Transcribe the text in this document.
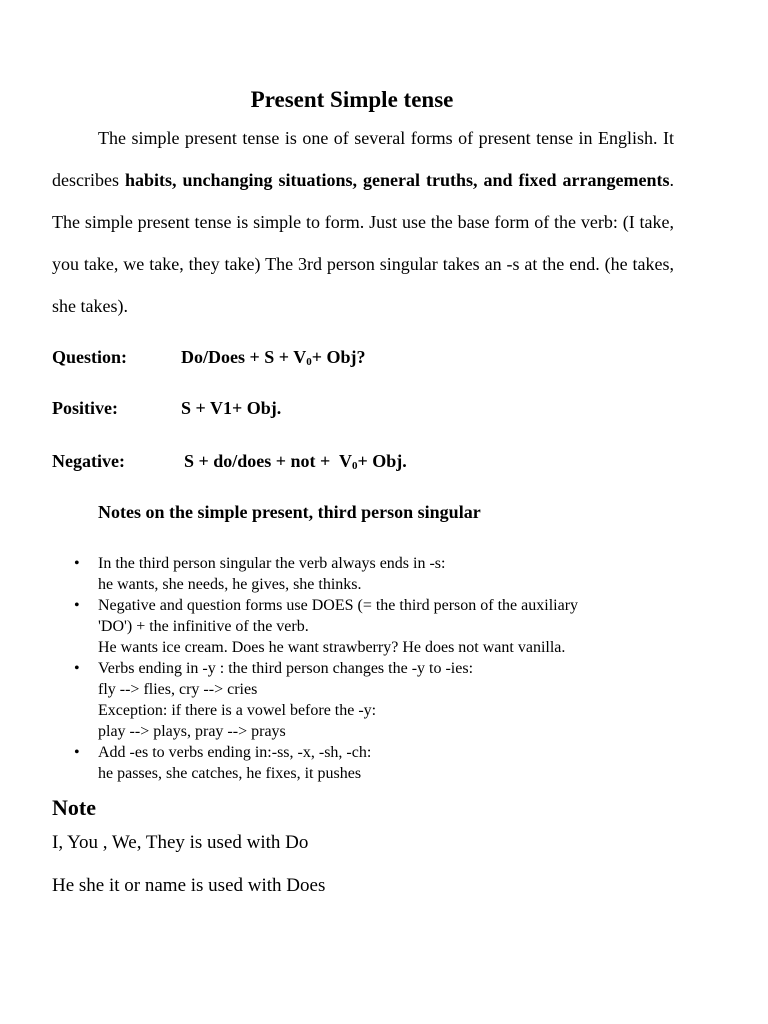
Present Simple tense

The simple present tense is one of several forms of present tense in English. It describes habits, unchanging situations, general truths, and fixed arrangements. The simple present tense is simple to form. Just use the base form of the verb: (I take, you take, we take, they take) The 3rd person singular takes an -s at the end. (he takes, she takes).

Question:	Do/Does + $S + V_0+$ Obj?
Positive:	S + V1+ Obj.
Negative:	S + do/does + not +  $V_0+$ Obj.
Notes on the simple present, third person singular
• In the third person singular the verb always ends in -s:
he wants, she needs, he gives, she thinks.
• Negative and question forms use DOES (= the third person of the auxiliary
'DO') + the infinitive of the verb.
He wants ice cream. Does he want strawberry? He does not want vanilla.
• Verbs ending in -y : the third person changes the -y to -ies:
fly --> flies, cry --> cries
Exception: if there is a vowel before the -y:
play --> plays, pray --> prays
• Add -es to verbs ending in:-ss, -x, -sh, -ch:
he passes, she catches, he fixes, it pushes
Note

I, You , We, They is used with Do

He she it or name is used with Does
